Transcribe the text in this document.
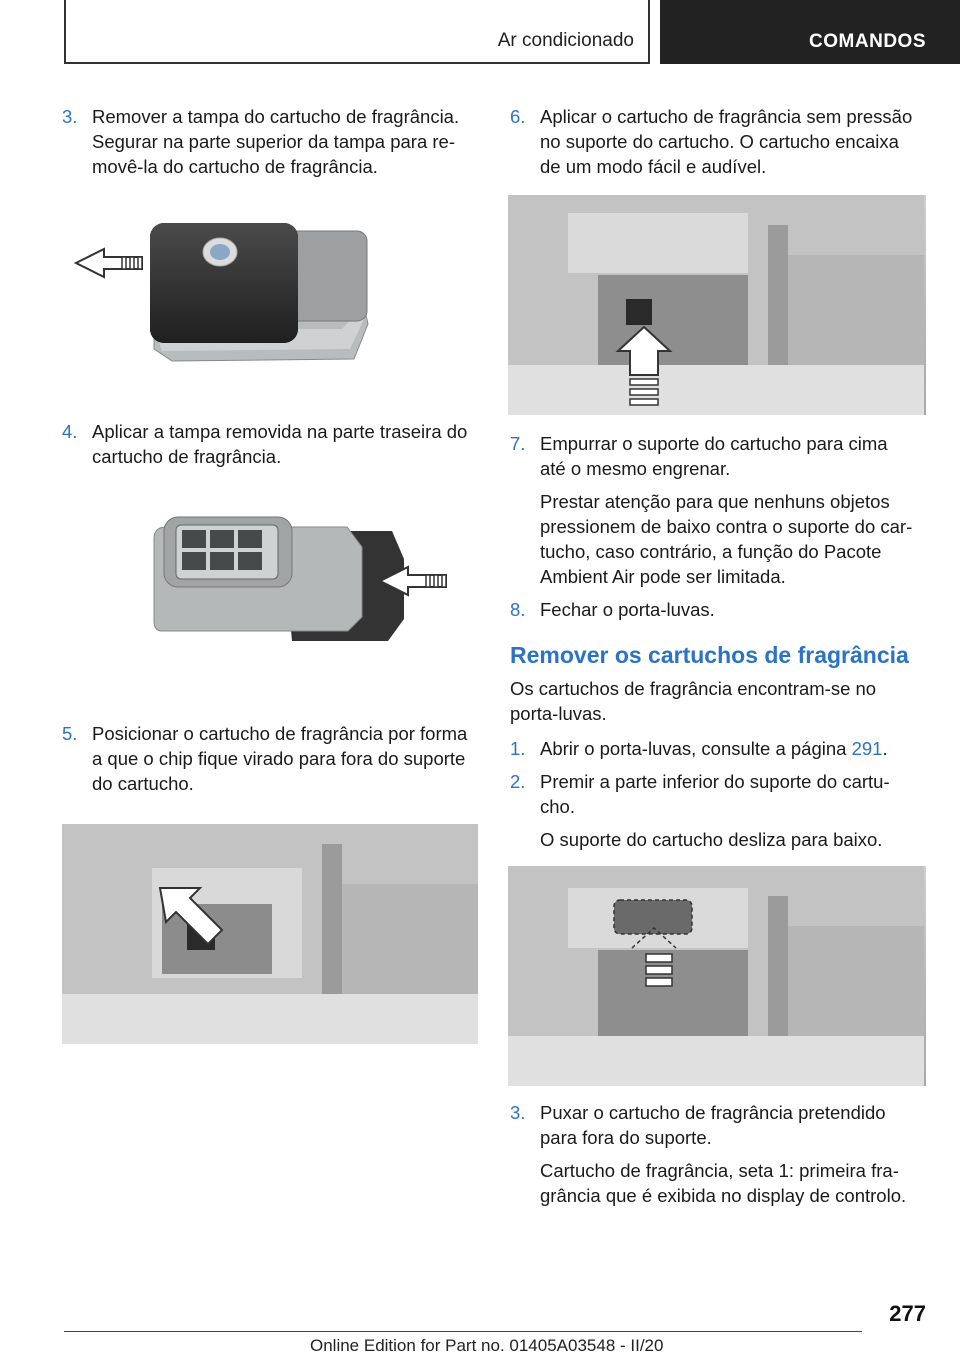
Ar condicionado	COMANDOS
3. Remover a tampa do cartucho de fragrância.
Segurar na parte superior da tampa para re-
movê-la do cartucho de fragrância.

4. Aplicar a tampa removida na parte traseira do
cartucho de fragrância.

5. Posicionar o cartucho de fragrância por forma
a que o chip fique virado para fora do suporte
do cartucho.

6. Aplicar o cartucho de fragrância sem pressão
no suporte do cartucho. O cartucho encaixa
de um modo fácil e audível.

7. Empurrar o suporte do cartucho para cima
até o mesmo engrenar.

Prestar atenção para que nenhuns objetos
pressionem de baixo contra o suporte do car-
tucho, caso contrário, a função do Pacote
Ambient Air pode ser limitada.

8. Fechar o porta-luvas.

Remover os cartuchos de fragrância

Os cartuchos de fragrância encontram-se no
porta-luvas.

1. Abrir o porta-luvas, consulte a página 291.

2. Premir a parte inferior do suporte do cartu-
cho.

O suporte do cartucho desliza para baixo.

3. Puxar o cartucho de fragrância pretendido
para fora do suporte.

Cartucho de fragrância, seta 1: primeira fra-
grância que é exibida no display de controlo.

277
Online Edition for Part no. 01405A03548 - II/20
